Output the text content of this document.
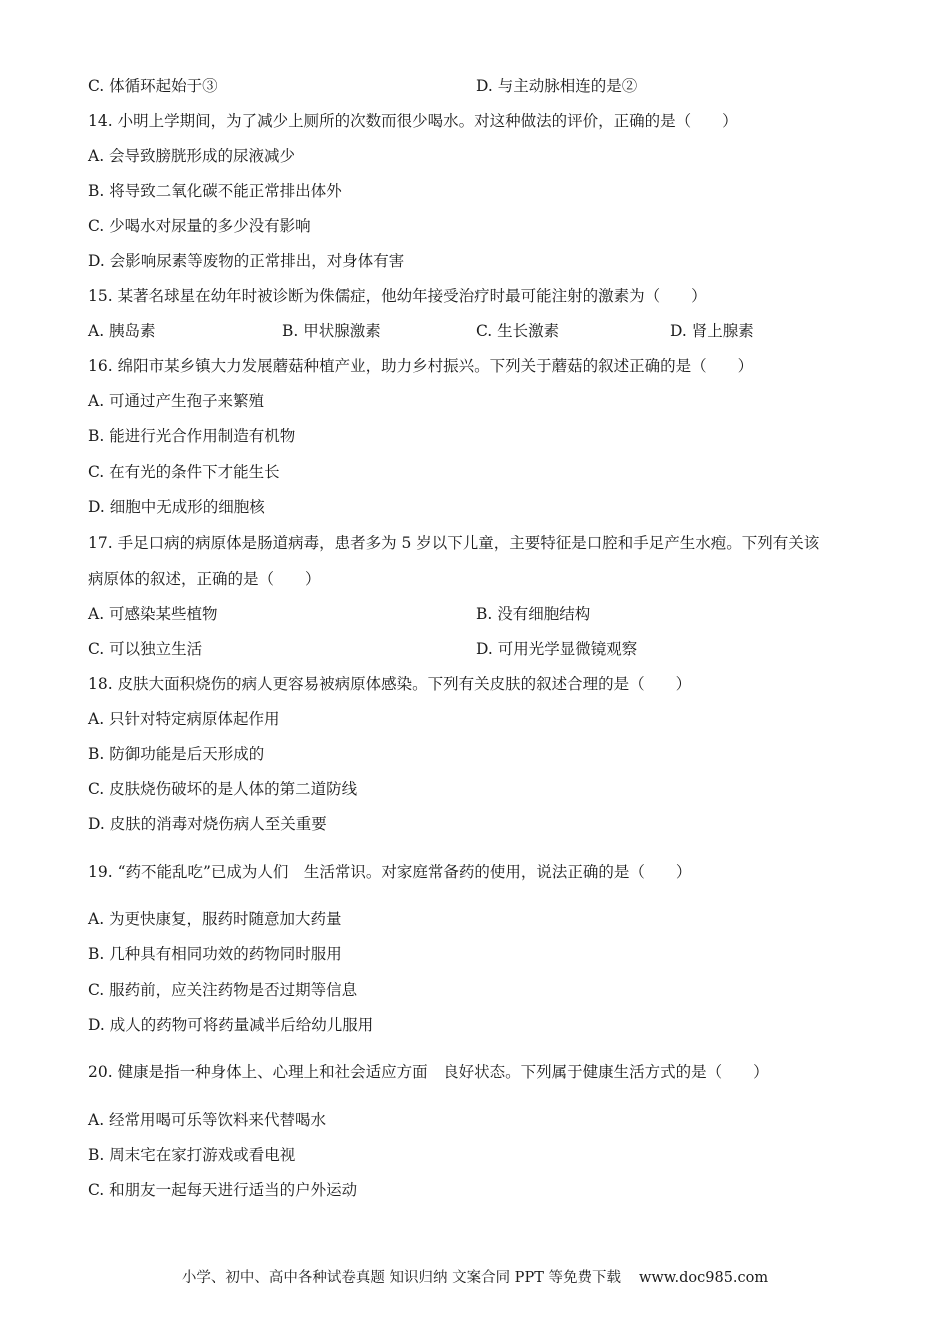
C. 体循环起始于③	D. 与主动脉相连的是②
14. 小明上学期间，为了减少上厕所的次数而很少喝水。对这种做法的评价，正确的是（　　）
A. 会导致膀胱形成的尿液减少
B. 将导致二氧化碳不能正常排出体外
C. 少喝水对尿量的多少没有影响
D. 会影响尿素等废物的正常排出，对身体有害
15. 某著名球星在幼年时被诊断为侏儒症，他幼年接受治疗时最可能注射的激素为（　　）
A. 胰岛素	B. 甲状腺激素	C. 生长激素	D. 肾上腺素
16. 绵阳市某乡镇大力发展蘑菇种植产业，助力乡村振兴。下列关于蘑菇的叙述正确的是（　　）
A. 可通过产生孢子来繁殖
B. 能进行光合作用制造有机物
C. 在有光的条件下才能生长
D. 细胞中无成形的细胞核
17. 手足口病的病原体是肠道病毒，患者多为 5 岁以下儿童，主要特征是口腔和手足产生水疱。下列有关该
病原体的叙述，正确的是（　　）
A. 可感染某些植物	B. 没有细胞结构
C. 可以独立生活	D. 可用光学显微镜观察
18. 皮肤大面积烧伤的病人更容易被病原体感染。下列有关皮肤的叙述合理的是（　　）
A. 只针对特定病原体起作用
B. 防御功能是后天形成的
C. 皮肤烧伤破坏的是人体的第二道防线
D. 皮肤的消毒对烧伤病人至关重要
19. “药不能乱吃”已成为人们　生活常识。对家庭常备药的使用，说法正确的是（　　）
A. 为更快康复，服药时随意加大药量
B. 几种具有相同功效的药物同时服用
C. 服药前，应关注药物是否过期等信息
D. 成人的药物可将药量减半后给幼儿服用
20. 健康是指一种身体上、心理上和社会适应方面　良好状态。下列属于健康生活方式的是（　　）
A. 经常用喝可乐等饮料来代替喝水
B. 周末宅在家打游戏或看电视
C. 和朋友一起每天进行适当的户外运动
小学、初中、高中各种试卷真题 知识归纳 文案合同 PPT 等免费下载 www.doc985.com
